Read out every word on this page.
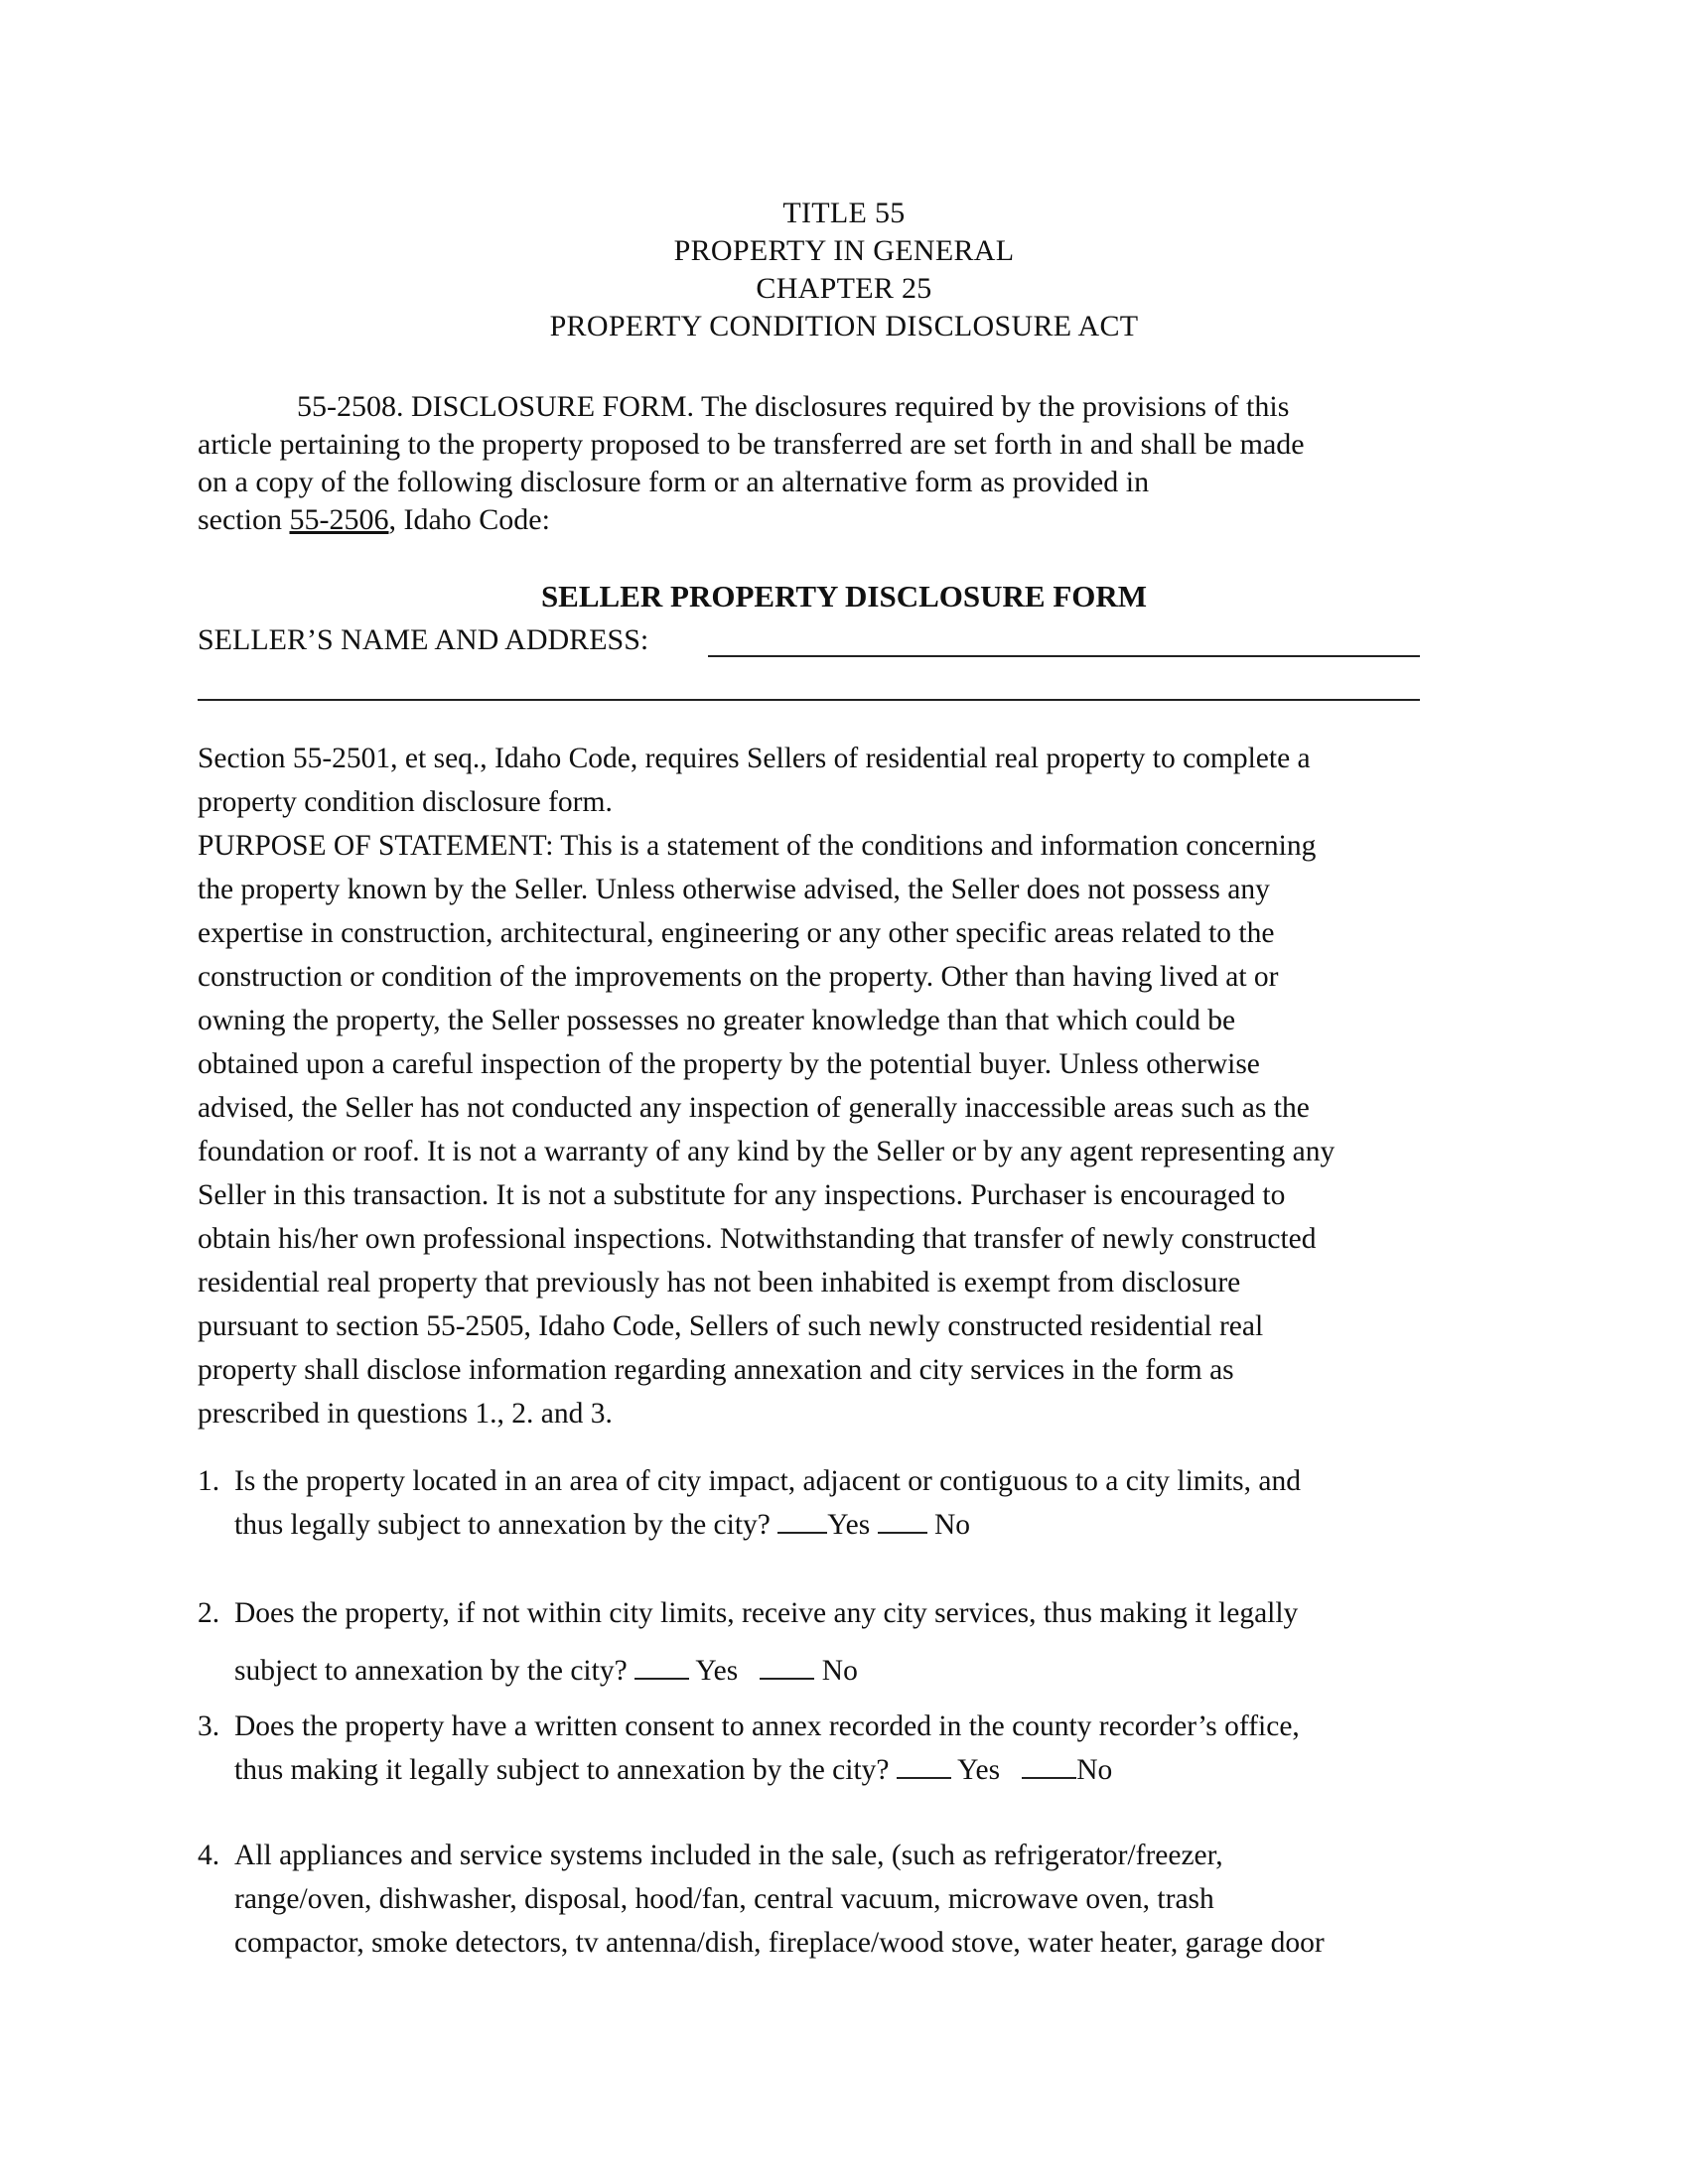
TITLE 55
PROPERTY IN GENERAL
CHAPTER 25
PROPERTY CONDITION DISCLOSURE ACT
55-2508. DISCLOSURE FORM. The disclosures required by the provisions of this
article pertaining to the property proposed to be transferred are set forth in and shall be made
on a copy of the following disclosure form or an alternative form as provided in
section 55-2506, Idaho Code:
SELLER PROPERTY DISCLOSURE FORM
SELLER’S NAME AND ADDRESS:
Section 55-2501, et seq., Idaho Code, requires Sellers of residential real property to complete a
property condition disclosure form.
PURPOSE OF STATEMENT: This is a statement of the conditions and information concerning
the property known by the Seller. Unless otherwise advised, the Seller does not possess any
expertise in construction, architectural, engineering or any other specific areas related to the
construction or condition of the improvements on the property. Other than having lived at or
owning the property, the Seller possesses no greater knowledge than that which could be
obtained upon a careful inspection of the property by the potential buyer. Unless otherwise
advised, the Seller has not conducted any inspection of generally inaccessible areas such as the
foundation or roof. It is not a warranty of any kind by the Seller or by any agent representing any
Seller in this transaction. It is not a substitute for any inspections. Purchaser is encouraged to
obtain his/her own professional inspections. Notwithstanding that transfer of newly constructed
residential real property that previously has not been inhabited is exempt from disclosure
pursuant to section 55-2505, Idaho Code, Sellers of such newly constructed residential real
property shall disclose information regarding annexation and city services in the form as
prescribed in questions 1., 2. and 3.
1. Is the property located in an area of city impact, adjacent or contiguous to a city limits, and
thus legally subject to annexation by the city? Yes No
2. Does the property, if not within city limits, receive any city services, thus making it legally
subject to annexation by the city? Yes	No
3. Does the property have a written consent to annex recorded in the county recorder’s office,
thus making it legally subject to annexation by the city? Yes	No
4. All appliances and service systems included in the sale, (such as refrigerator/freezer,
range/oven, dishwasher, disposal, hood/fan, central vacuum, microwave oven, trash
compactor, smoke detectors, tv antenna/dish, fireplace/wood stove, water heater, garage door
